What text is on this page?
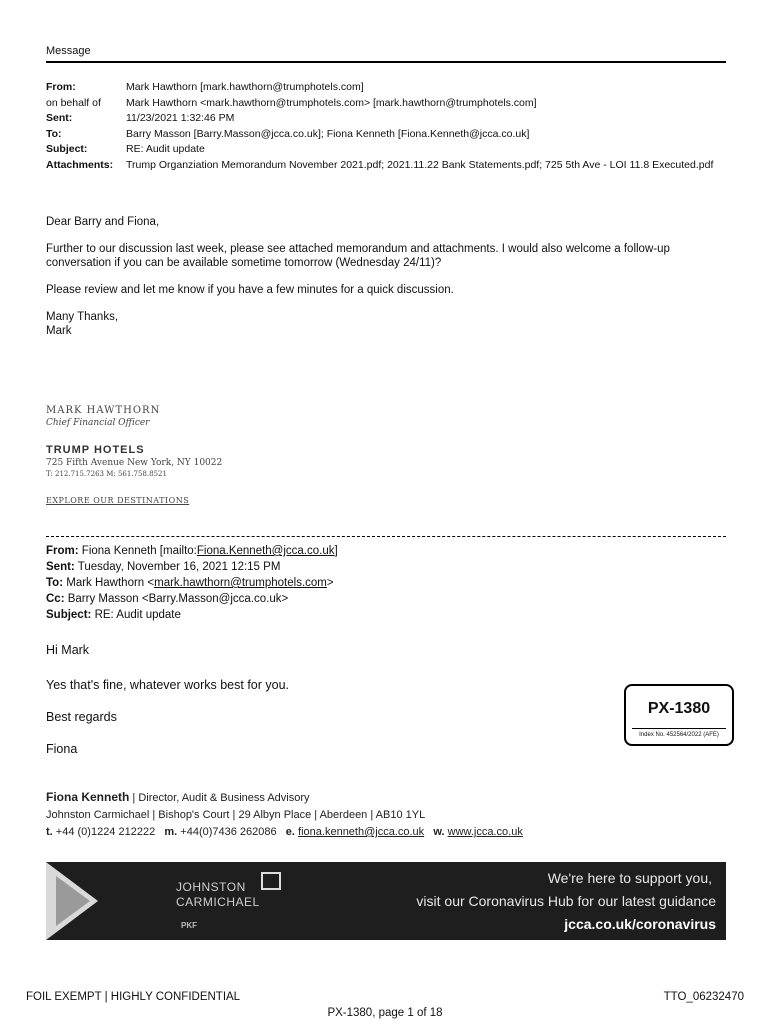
Message
From:	Mark Hawthorn [mark.hawthorn@trumphotels.com]
on behalf of	Mark Hawthorn <mark.hawthorn@trumphotels.com> [mark.hawthorn@trumphotels.com]
Sent:	11/23/2021 1:32:46 PM
To:	Barry Masson [Barry.Masson@jcca.co.uk]; Fiona Kenneth [Fiona.Kenneth@jcca.co.uk]
Subject:	RE: Audit update
Attachments:	Trump Organziation Memorandum November 2021.pdf; 2021.11.22 Bank Statements.pdf; 725 5th Ave - LOI 11.8 Executed.pdf

Dear Barry and Fiona,

Further to our discussion last week, please see attached memorandum and attachments. I would also welcome a follow-up conversation if you can be available sometime tomorrow (Wednesday 24/11)?

Please review and let me know if you have a few minutes for a quick discussion.

Many Thanks,

Mark

MARK HAWTHORN
Chief Financial Officer
TRUMP HOTELS
725 Fifth Avenue New York, NY 10022
T: 212.715.7263 M: 561.758.8521
EXPLORE OUR DESTINATIONS
From: Fiona Kenneth [mailto:Fiona.Kenneth@jcca.co.uk]
Sent: Tuesday, November 16, 2021 12:15 PM
To: Mark Hawthorn <mark.hawthorn@trumphotels.com>
Cc: Barry Masson <Barry.Masson@jcca.co.uk>
Subject: RE: Audit update
Hi Mark
Yes that's fine, whatever works best for you.
Best regards
Fiona
PX-1380
Index No. 452564/2022 (AFE)
Fiona Kenneth | Director, Audit & Business Advisory
Johnston Carmichael | Bishop's Court | 29 Albyn Place | Aberdeen | AB10 1YL
t. +44 (0)1224 212222 m. +44(0)7436 262086 e. fiona.kenneth@jcca.co.uk w. www.jcca.co.uk
JOHNSTON
CARMICHAEL
PKF
We're here to support you,
visit our Coronavirus Hub for our latest guidance
jcca.co.uk/coronavirus
FOIL EXEMPT | HIGHLY CONFIDENTIAL	TTO_06232470
PX-1380, page 1 of 18
